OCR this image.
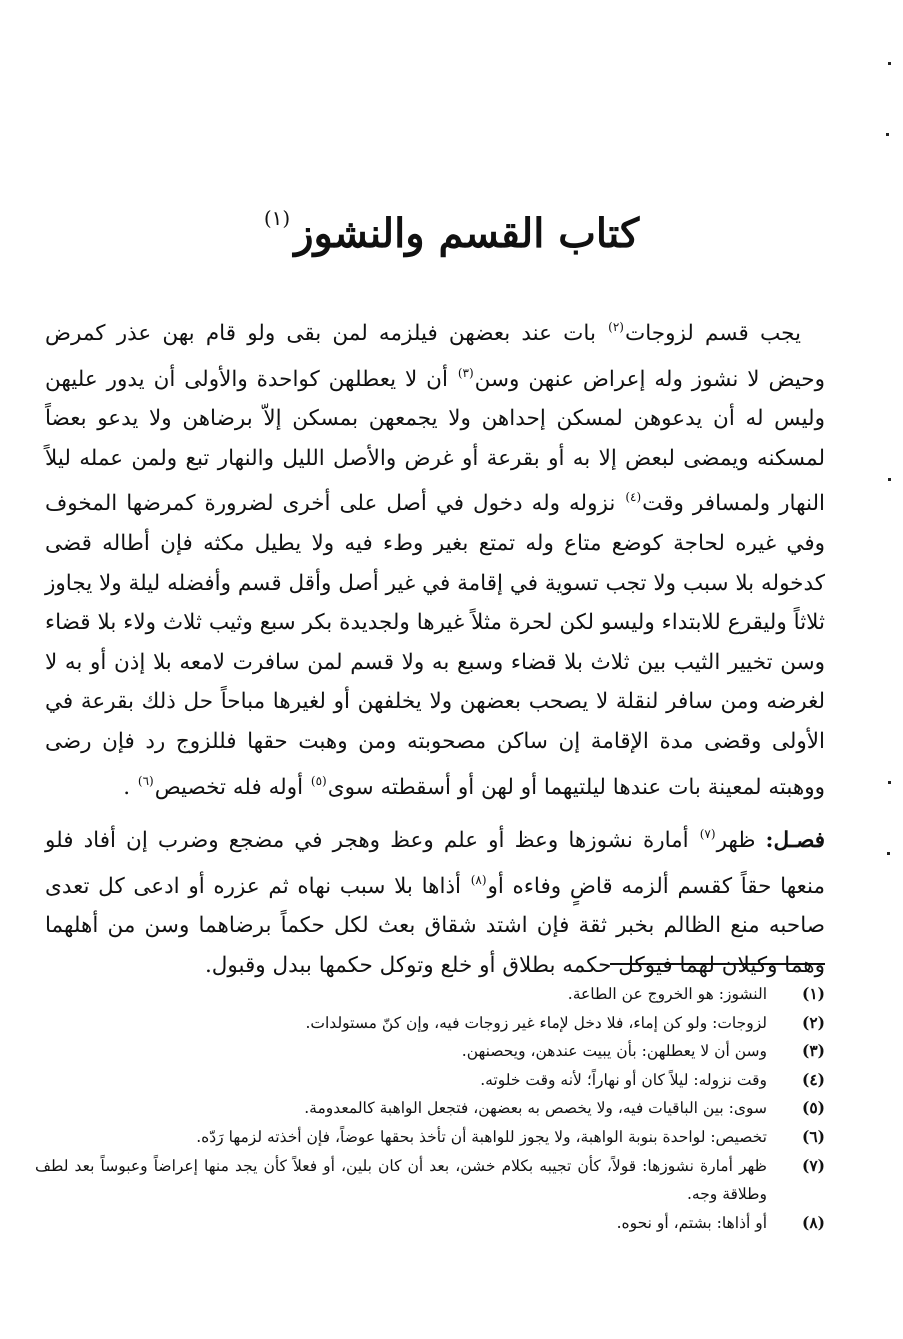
كتاب القسم والنشوز$^{(١)}$

يجب قسم لزوجات$^{(٢)}$ بات عند بعضهن فيلزمه لمن بقى ولو قام بهن عذر كمرض وحيض لا نشوز وله إعراض عنهن وسن$^{(٣)}$ أن لا يعطلهن كواحدة والأولى أن يدور عليهن وليس له أن يدعوهن لمسكن إحداهن ولا يجمعهن بمسكن إلاّ برضاهن ولا يدعو بعضاً لمسكنه ويمضى لبعض إلا به أو بقرعة أو غرض والأصل الليل والنهار تبع ولمن عمله ليلاً النهار ولمسافر وقت$^{(٤)}$ نزوله وله دخول في أصل على أخرى لضرورة كمرضها المخوف وفي غيره لحاجة كوضع متاع وله تمتع بغير وطء فيه ولا يطيل مكثه فإن أطاله قضى كدخوله بلا سبب ولا تجب تسوية في إقامة في غير أصل وأقل قسم وأفضله ليلة ولا يجاوز ثلاثاً وليقرع للابتداء وليسو لكن لحرة مثلاً غيرها ولجديدة بكر سبع وثيب ثلاث ولاء بلا قضاء وسن تخيير الثيب بين ثلاث بلا قضاء وسبع به ولا قسم لمن سافرت لامعه بلا إذن أو به لا لغرضه ومن سافر لنقلة لا يصحب بعضهن ولا يخلفهن أو لغيرها مباحاً حل ذلك بقرعة في الأولى وقضى مدة الإقامة إن ساكن مصحوبته ومن وهبت حقها فللزوج رد فإن رضى ووهبته لمعينة بات عندها ليلتيهما أو لهن أو أسقطته سوى$^{(٥)}$ أوله فله تخصيص$^{(٦)}$ .

فصـل: ظهر$^{(٧)}$ أمارة نشوزها وعظ أو علم وعظ وهجر في مضجع وضرب إن أفاد فلو منعها حقاً كقسم ألزمه قاضٍ وفاءه أو$^{(٨)}$ أذاها بلا سبب نهاه ثم عزره أو ادعى كل تعدى صاحبه منع الظالم بخبر ثقة فإن اشتد شقاق بعث لكل حكماً برضاهما وسن من أهلهما وهما وكيلان لهما فيوكل حكمه بطلاق أو خلع وتوكل حكمها ببدل وقبول.

(١)
النشوز: هو الخروج عن الطاعة.
(٢)
لزوجات: ولو كن إماء، فلا دخل لإماء غير زوجات فيه، وإن كنّ مستولدات.
(٣)
وسن أن لا يعطلهن: بأن يبيت عندهن، ويحصنهن.
(٤)
وقت نزوله: ليلاً كان أو نهاراً؛ لأنه وقت خلوته.
(٥)
سوى: بين الباقيات فيه، ولا يخصص به بعضهن، فتجعل الواهبة كالمعدومة.
(٦)
تخصيص: لواحدة بنوبة الواهبة، ولا يجوز للواهبة أن تأخذ بحقها عوضاً، فإن أخذته لزمها رَدّه.
(٧)
ظهر أمارة نشوزها: قولاً، كأن تجيبه بكلام خشن، بعد أن كان بلين، أو فعلاً كأن يجد منها إعراضاً وعبوساً بعد لطف وطلاقة وجه.
(٨)
أو أذاها: بشتم، أو نحوه.
